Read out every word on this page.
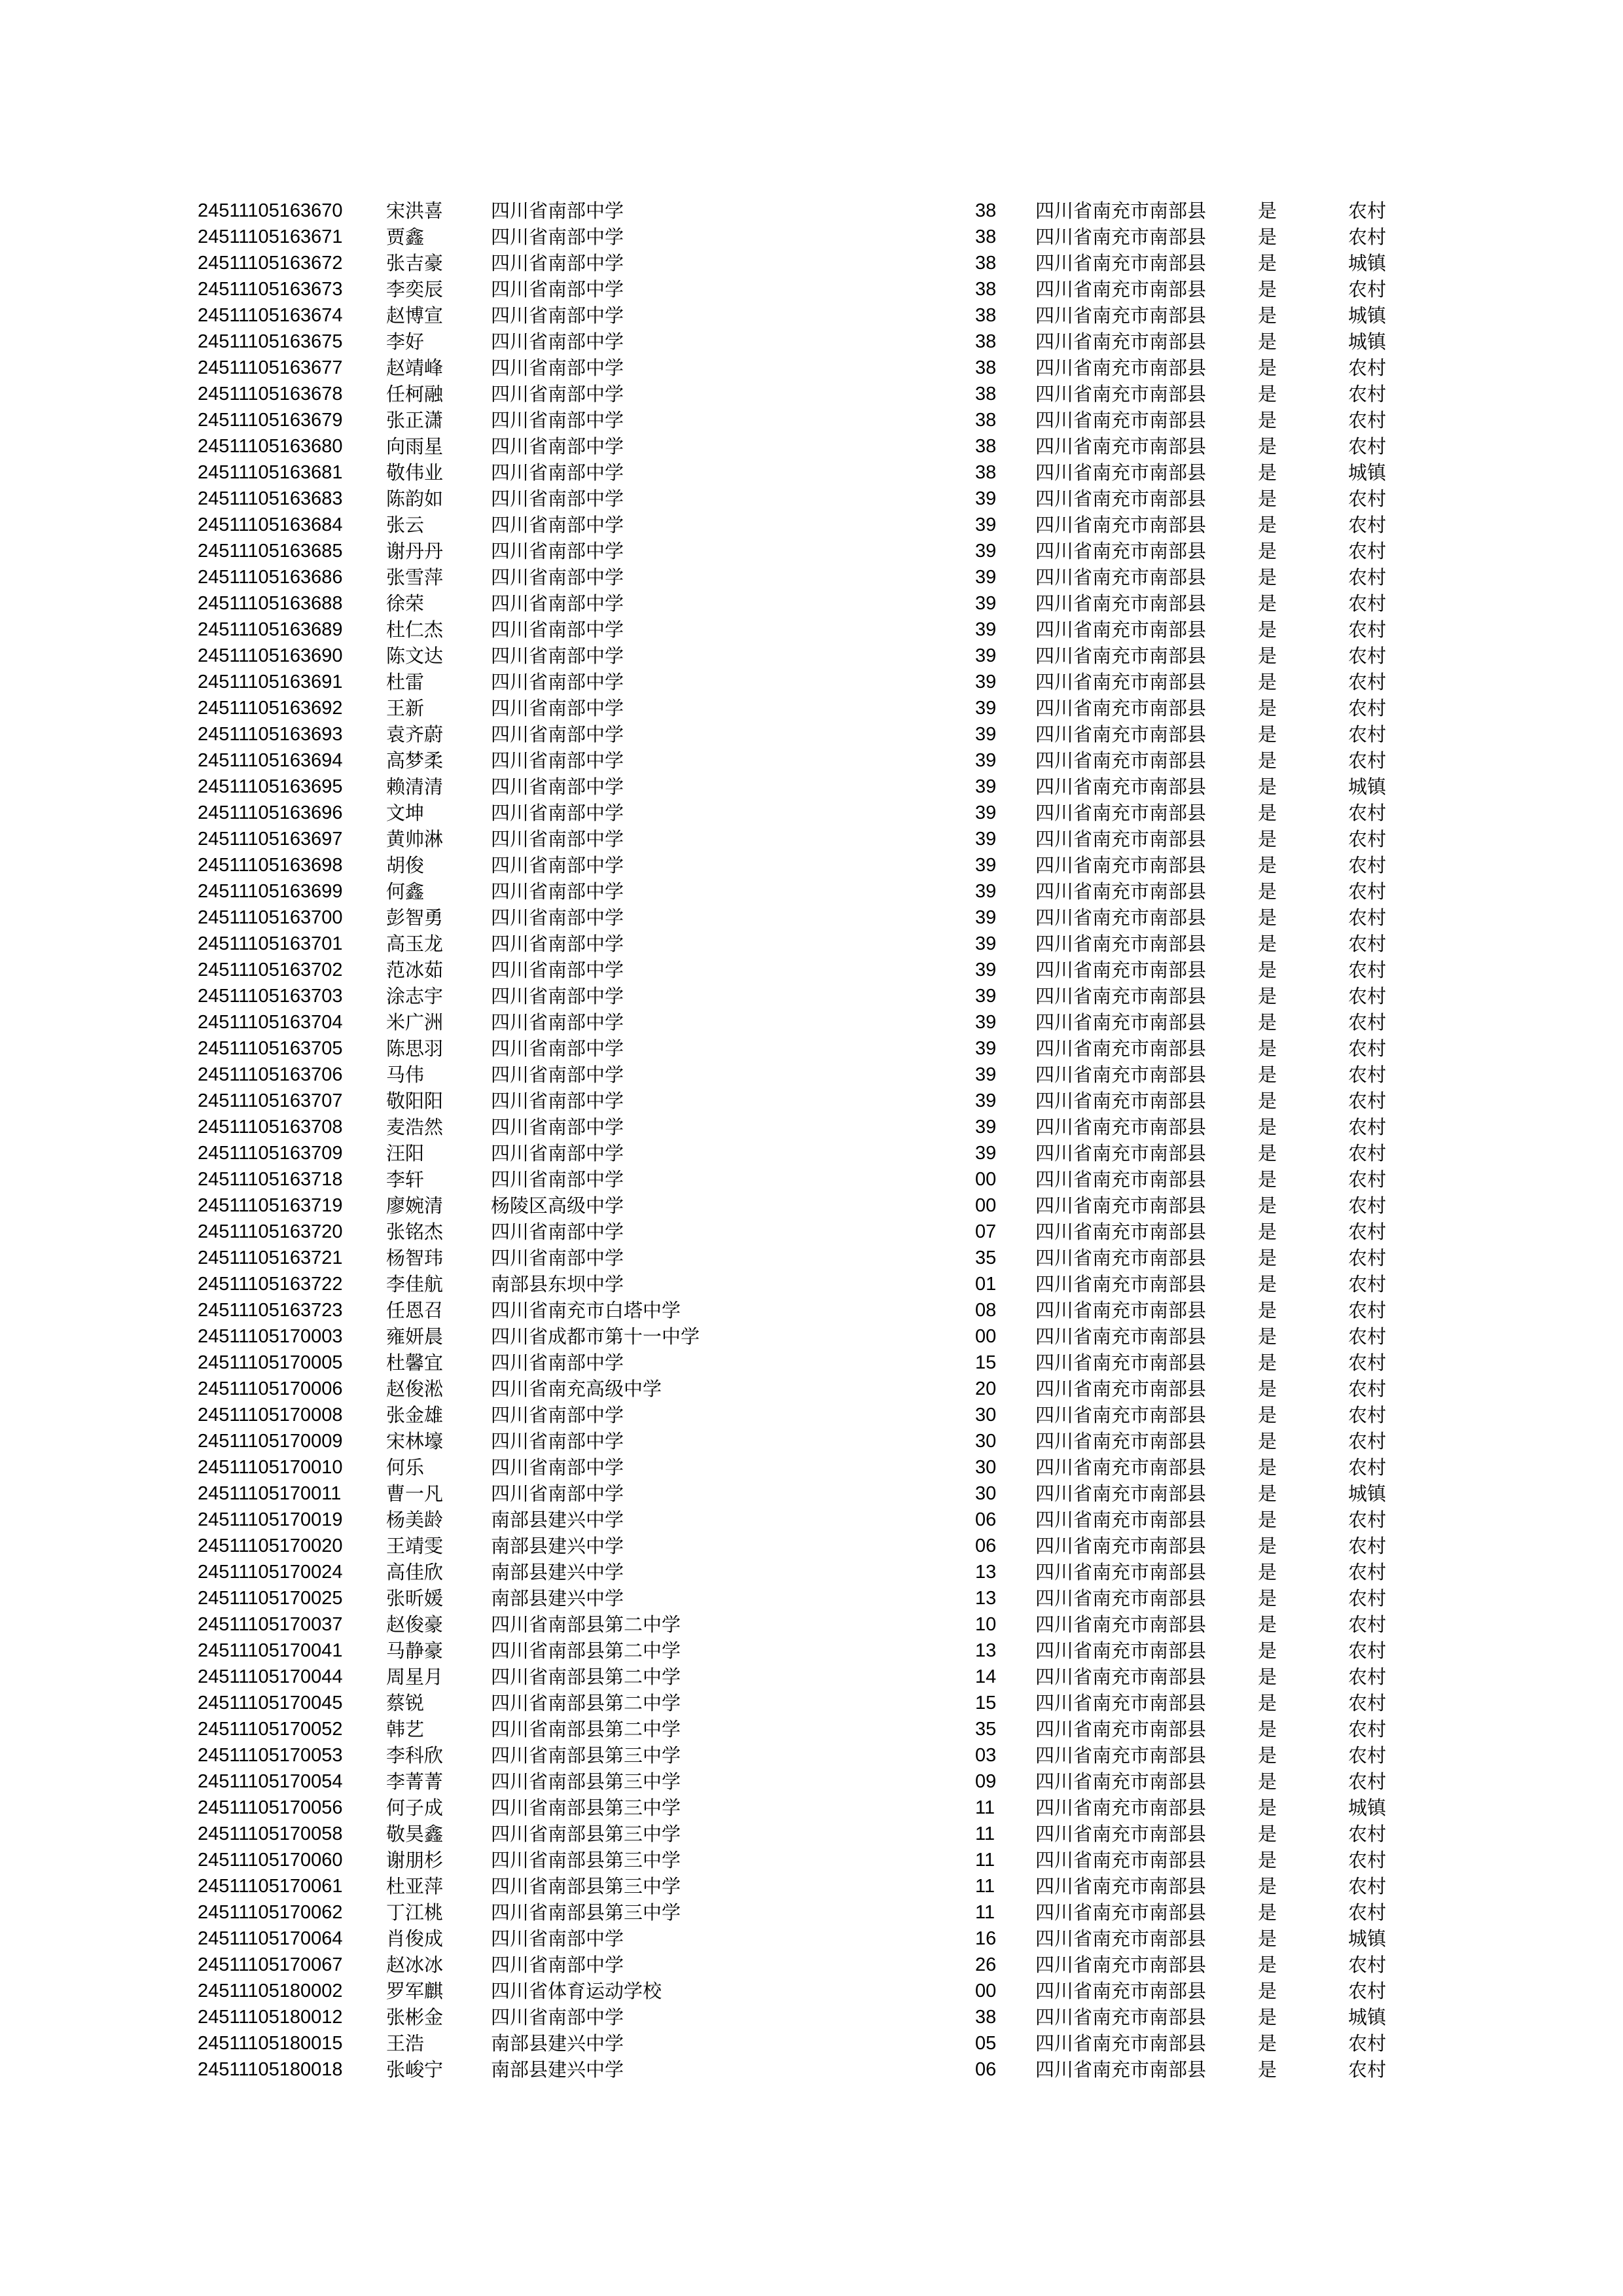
24511105163670 宋洪喜	四川省南部中学	38 四川省南充市南部县	是	农村
24511105163671 贾鑫	四川省南部中学	38 四川省南充市南部县	是	农村
24511105163672 张吉豪	四川省南部中学	38 四川省南充市南部县	是	城镇
24511105163673 李奕辰	四川省南部中学	38 四川省南充市南部县	是	农村
24511105163674 赵博宣	四川省南部中学	38 四川省南充市南部县	是	城镇
24511105163675 李好	四川省南部中学	38 四川省南充市南部县	是	城镇
24511105163677 赵靖峰	四川省南部中学	38 四川省南充市南部县	是	农村
24511105163678 任柯融	四川省南部中学	38 四川省南充市南部县	是	农村
24511105163679 张正潇	四川省南部中学	38 四川省南充市南部县	是	农村
24511105163680 向雨星	四川省南部中学	38 四川省南充市南部县	是	农村
24511105163681 敬伟业	四川省南部中学	38 四川省南充市南部县	是	城镇
24511105163683 陈韵如	四川省南部中学	39 四川省南充市南部县	是	农村
24511105163684 张云	四川省南部中学	39 四川省南充市南部县	是	农村
24511105163685 谢丹丹	四川省南部中学	39 四川省南充市南部县	是	农村
24511105163686 张雪萍	四川省南部中学	39 四川省南充市南部县	是	农村
24511105163688 徐荣	四川省南部中学	39 四川省南充市南部县	是	农村
24511105163689 杜仁杰	四川省南部中学	39 四川省南充市南部县	是	农村
24511105163690 陈文达	四川省南部中学	39 四川省南充市南部县	是	农村
24511105163691 杜雷	四川省南部中学	39 四川省南充市南部县	是	农村
24511105163692 王新	四川省南部中学	39 四川省南充市南部县	是	农村
24511105163693 袁齐蔚	四川省南部中学	39 四川省南充市南部县	是	农村
24511105163694 高梦柔	四川省南部中学	39 四川省南充市南部县	是	农村
24511105163695 赖清清	四川省南部中学	39 四川省南充市南部县	是	城镇
24511105163696 文坤	四川省南部中学	39 四川省南充市南部县	是	农村
24511105163697 黄帅淋	四川省南部中学	39 四川省南充市南部县	是	农村
24511105163698 胡俊	四川省南部中学	39 四川省南充市南部县	是	农村
24511105163699 何鑫	四川省南部中学	39 四川省南充市南部县	是	农村
24511105163700 彭智勇	四川省南部中学	39 四川省南充市南部县	是	农村
24511105163701 高玉龙	四川省南部中学	39 四川省南充市南部县	是	农村
24511105163702 范冰茹	四川省南部中学	39 四川省南充市南部县	是	农村
24511105163703 涂志宇	四川省南部中学	39 四川省南充市南部县	是	农村
24511105163704 米广洲	四川省南部中学	39 四川省南充市南部县	是	农村
24511105163705 陈思羽	四川省南部中学	39 四川省南充市南部县	是	农村
24511105163706 马伟	四川省南部中学	39 四川省南充市南部县	是	农村
24511105163707 敬阳阳	四川省南部中学	39 四川省南充市南部县	是	农村
24511105163708 麦浩然	四川省南部中学	39 四川省南充市南部县	是	农村
24511105163709 汪阳	四川省南部中学	39 四川省南充市南部县	是	农村
24511105163718 李轩	四川省南部中学	00 四川省南充市南部县	是	农村
24511105163719 廖婉清	杨陵区高级中学	00 四川省南充市南部县	是	农村
24511105163720 张铭杰	四川省南部中学	07 四川省南充市南部县	是	农村
24511105163721 杨智玮	四川省南部中学	35 四川省南充市南部县	是	农村
24511105163722 李佳航	南部县东坝中学	01 四川省南充市南部县	是	农村
24511105163723 任恩召	四川省南充市白塔中学	08 四川省南充市南部县	是	农村
24511105170003 雍妍晨	四川省成都市第十一中学	00 四川省南充市南部县	是	农村
24511105170005 杜馨宜	四川省南部中学	15 四川省南充市南部县	是	农村
24511105170006 赵俊淞	四川省南充高级中学	20 四川省南充市南部县	是	农村
24511105170008 张金雄	四川省南部中学	30 四川省南充市南部县	是	农村
24511105170009 宋林壕	四川省南部中学	30 四川省南充市南部县	是	农村
24511105170010 何乐	四川省南部中学	30 四川省南充市南部县	是	农村
24511105170011 曹一凡	四川省南部中学	30 四川省南充市南部县	是	城镇
24511105170019 杨美龄	南部县建兴中学	06 四川省南充市南部县	是	农村
24511105170020 王靖雯	南部县建兴中学	06 四川省南充市南部县	是	农村
24511105170024 高佳欣	南部县建兴中学	13 四川省南充市南部县	是	农村
24511105170025 张昕媛	南部县建兴中学	13 四川省南充市南部县	是	农村
24511105170037 赵俊豪	四川省南部县第二中学	10 四川省南充市南部县	是	农村
24511105170041 马静豪	四川省南部县第二中学	13 四川省南充市南部县	是	农村
24511105170044 周星月	四川省南部县第二中学	14 四川省南充市南部县	是	农村
24511105170045 蔡锐	四川省南部县第二中学	15 四川省南充市南部县	是	农村
24511105170052 韩艺	四川省南部县第二中学	35 四川省南充市南部县	是	农村
24511105170053 李科欣	四川省南部县第三中学	03 四川省南充市南部县	是	农村
24511105170054 李菁菁	四川省南部县第三中学	09 四川省南充市南部县	是	农村
24511105170056 何子成	四川省南部县第三中学	11 四川省南充市南部县	是	城镇
24511105170058 敬昊鑫	四川省南部县第三中学	11 四川省南充市南部县	是	农村
24511105170060 谢朋杉	四川省南部县第三中学	11 四川省南充市南部县	是	农村
24511105170061 杜亚萍	四川省南部县第三中学	11 四川省南充市南部县	是	农村
24511105170062 丁江桃	四川省南部县第三中学	11 四川省南充市南部县	是	农村
24511105170064 肖俊成	四川省南部中学	16 四川省南充市南部县	是	城镇
24511105170067 赵冰冰	四川省南部中学	26 四川省南充市南部县	是	农村
24511105180002 罗军麒	四川省体育运动学校	00 四川省南充市南部县	是	农村
24511105180012 张彬金	四川省南部中学	38 四川省南充市南部县	是	城镇
24511105180015 王浩	南部县建兴中学	05 四川省南充市南部县	是	农村
24511105180018 张峻宁	南部县建兴中学	06 四川省南充市南部县	是	农村
